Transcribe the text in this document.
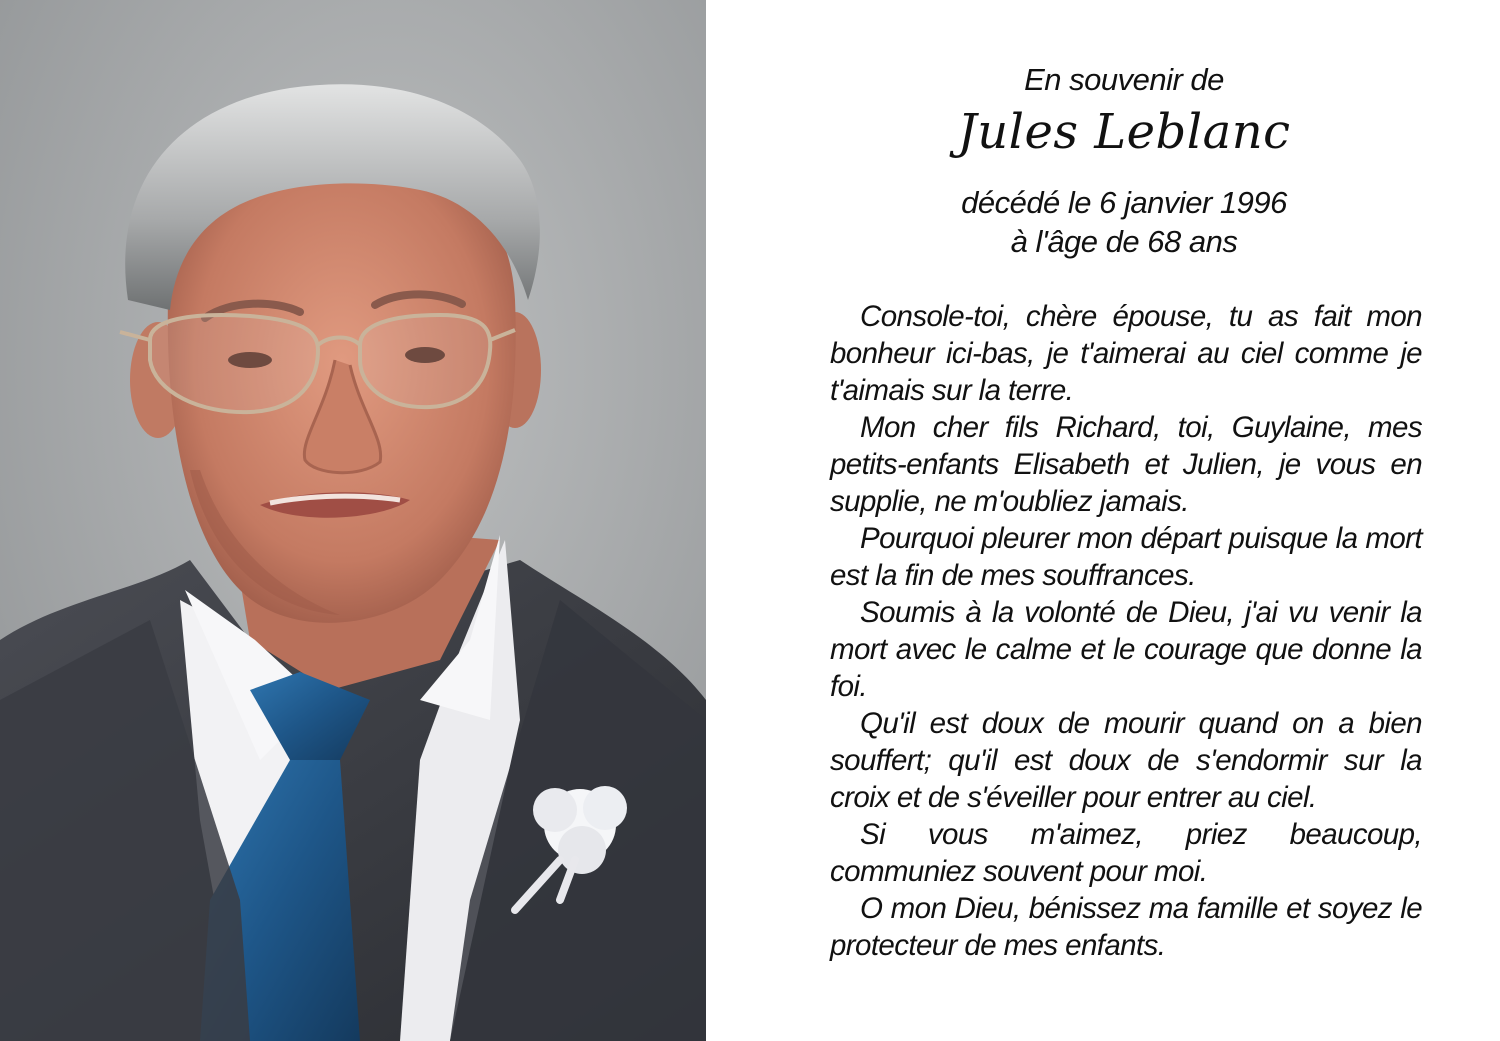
En souvenir de
Jules Leblanc
décédé le 6 janvier 1996
à l'âge de 68 ans

Console-toi, chère épouse, tu as fait mon bonheur ici-bas, je t'aimerai au ciel comme je t'aimais sur la terre.

Mon cher fils Richard, toi, Guylaine, mes petits-enfants Elisabeth et Julien, je vous en supplie, ne m'oubliez jamais.

Pourquoi pleurer mon départ puisque la mort est la fin de mes souffrances.

Soumis à la volonté de Dieu, j'ai vu venir la mort avec le calme et le courage que donne la foi.

Qu'il est doux de mourir quand on a bien souffert; qu'il est doux de s'endormir sur la croix et de s'éveiller pour entrer au ciel.

Si vous m'aimez, priez beaucoup, communiez souvent pour moi.

O mon Dieu, bénissez ma famille et soyez le protecteur de mes enfants.
